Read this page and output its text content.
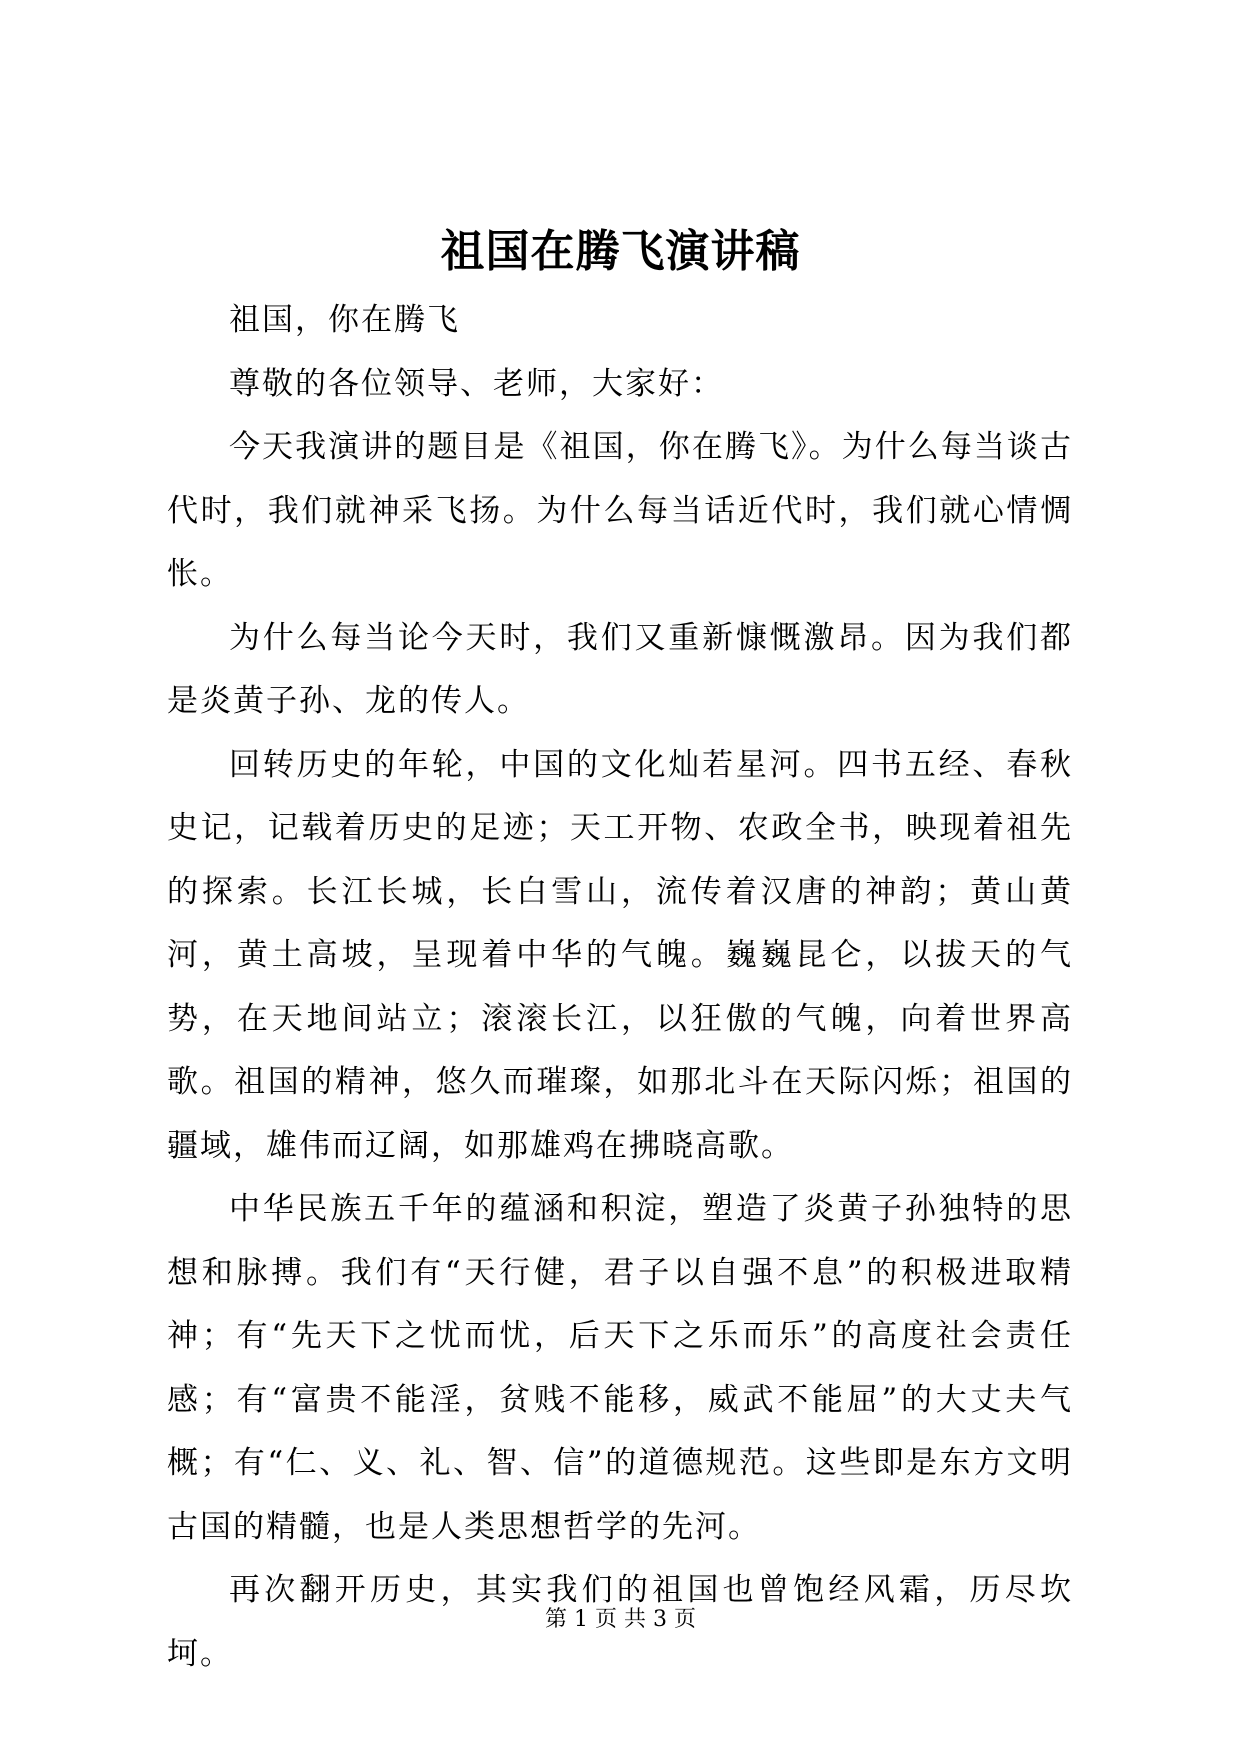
祖国在腾飞演讲稿

祖国，你在腾飞

尊敬的各位领导、老师，大家好：

今天我演讲的题目是《祖国，你在腾飞》。为什么每当谈古代时，我们就神采飞扬。为什么每当话近代时，我们就心情惆怅。

为什么每当论今天时，我们又重新慷慨激昂。因为我们都是炎黄子孙、龙的传人。

回转历史的年轮，中国的文化灿若星河。四书五经、春秋史记，记载着历史的足迹；天工开物、农政全书，映现着祖先的探索。长江长城，长白雪山，流传着汉唐的神韵；黄山黄河，黄土高坡，呈现着中华的气魄。巍巍昆仑，以拔天的气势，在天地间站立；滚滚长江，以狂傲的气魄，向着世界高歌。祖国的精神，悠久而璀璨，如那北斗在天际闪烁；祖国的疆域，雄伟而辽阔，如那雄鸡在拂晓高歌。

中华民族五千年的蕴涵和积淀，塑造了炎黄子孙独特的思想和脉搏。我们有“天行健，君子以自强不息”的积极进取精神；有“先天下之忧而忧，后天下之乐而乐”的高度社会责任感；有“富贵不能淫，贫贱不能移，威武不能屈”的大丈夫气概；有“仁、义、礼、智、信”的道德规范。这些即是东方文明古国的精髓，也是人类思想哲学的先河。

再次翻开历史，其实我们的祖国也曾饱经风霜，历尽坎坷。

第 1 页 共 3 页
